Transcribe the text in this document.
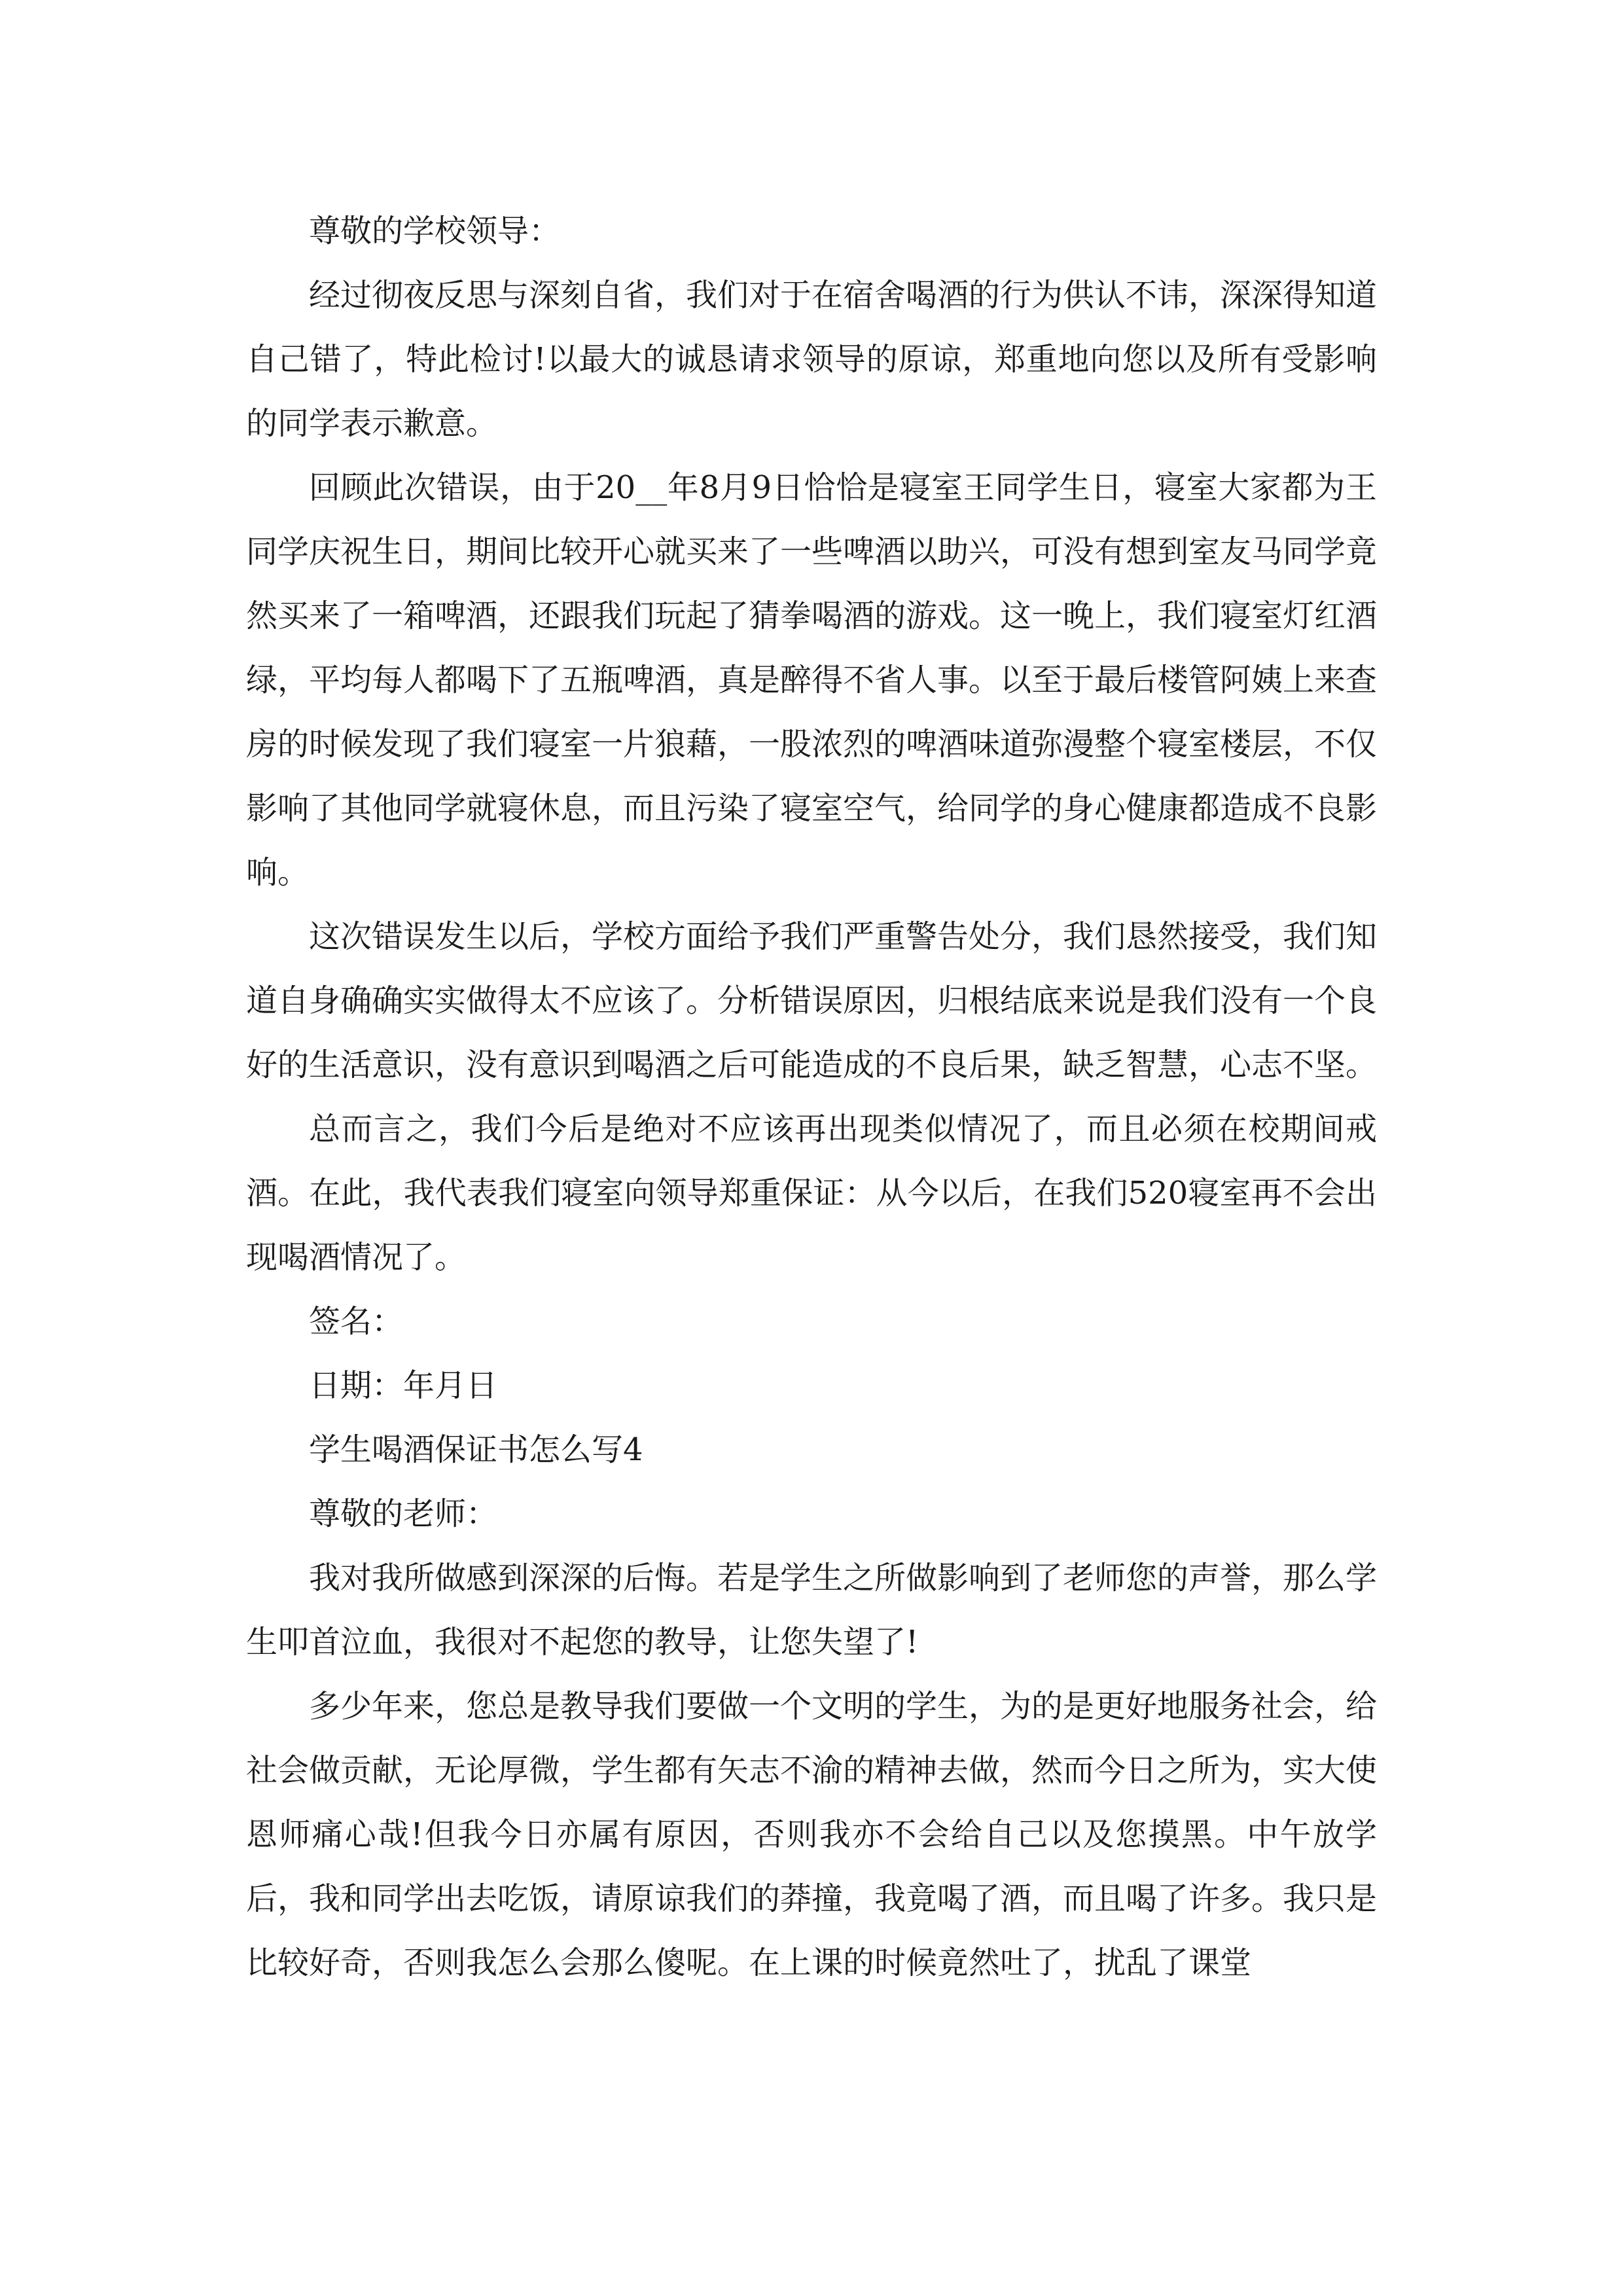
尊敬的学校领导：

经过彻夜反思与深刻自省，我们对于在宿舍喝酒的行为供认不讳，深深得知道自己错了，特此检讨!以最大的诚恳请求领导的原谅，郑重地向您以及所有受影响的同学表示歉意。

回顾此次错误，由于20__年8月9日恰恰是寝室王同学生日，寝室大家都为王同学庆祝生日，期间比较开心就买来了一些啤酒以助兴，可没有想到室友马同学竟然买来了一箱啤酒，还跟我们玩起了猜拳喝酒的游戏。这一晚上，我们寝室灯红酒绿，平均每人都喝下了五瓶啤酒，真是醉得不省人事。以至于最后楼管阿姨上来查房的时候发现了我们寝室一片狼藉，一股浓烈的啤酒味道弥漫整个寝室楼层，不仅影响了其他同学就寝休息，而且污染了寝室空气，给同学的身心健康都造成不良影响。

这次错误发生以后，学校方面给予我们严重警告处分，我们恳然接受，我们知道自身确确实实做得太不应该了。分析错误原因，归根结底来说是我们没有一个良好的生活意识，没有意识到喝酒之后可能造成的不良后果，缺乏智慧，心志不坚。

总而言之，我们今后是绝对不应该再出现类似情况了，而且必须在校期间戒酒。在此，我代表我们寝室向领导郑重保证：从今以后，在我们520寝室再不会出现喝酒情况了。

签名：

日期：年月日

学生喝酒保证书怎么写4

尊敬的老师：

我对我所做感到深深的后悔。若是学生之所做影响到了老师您的声誉，那么学生叩首泣血，我很对不起您的教导，让您失望了!

多少年来，您总是教导我们要做一个文明的学生，为的是更好地服务社会，给社会做贡献，无论厚微，学生都有矢志不渝的精神去做，然而今日之所为，实大使恩师痛心哉!但我今日亦属有原因，否则我亦不会给自己以及您摸黑。中午放学后，我和同学出去吃饭，请原谅我们的莽撞，我竟喝了酒，而且喝了许多。我只是比较好奇，否则我怎么会那么傻呢。在上课的时候竟然吐了，扰乱了课堂
